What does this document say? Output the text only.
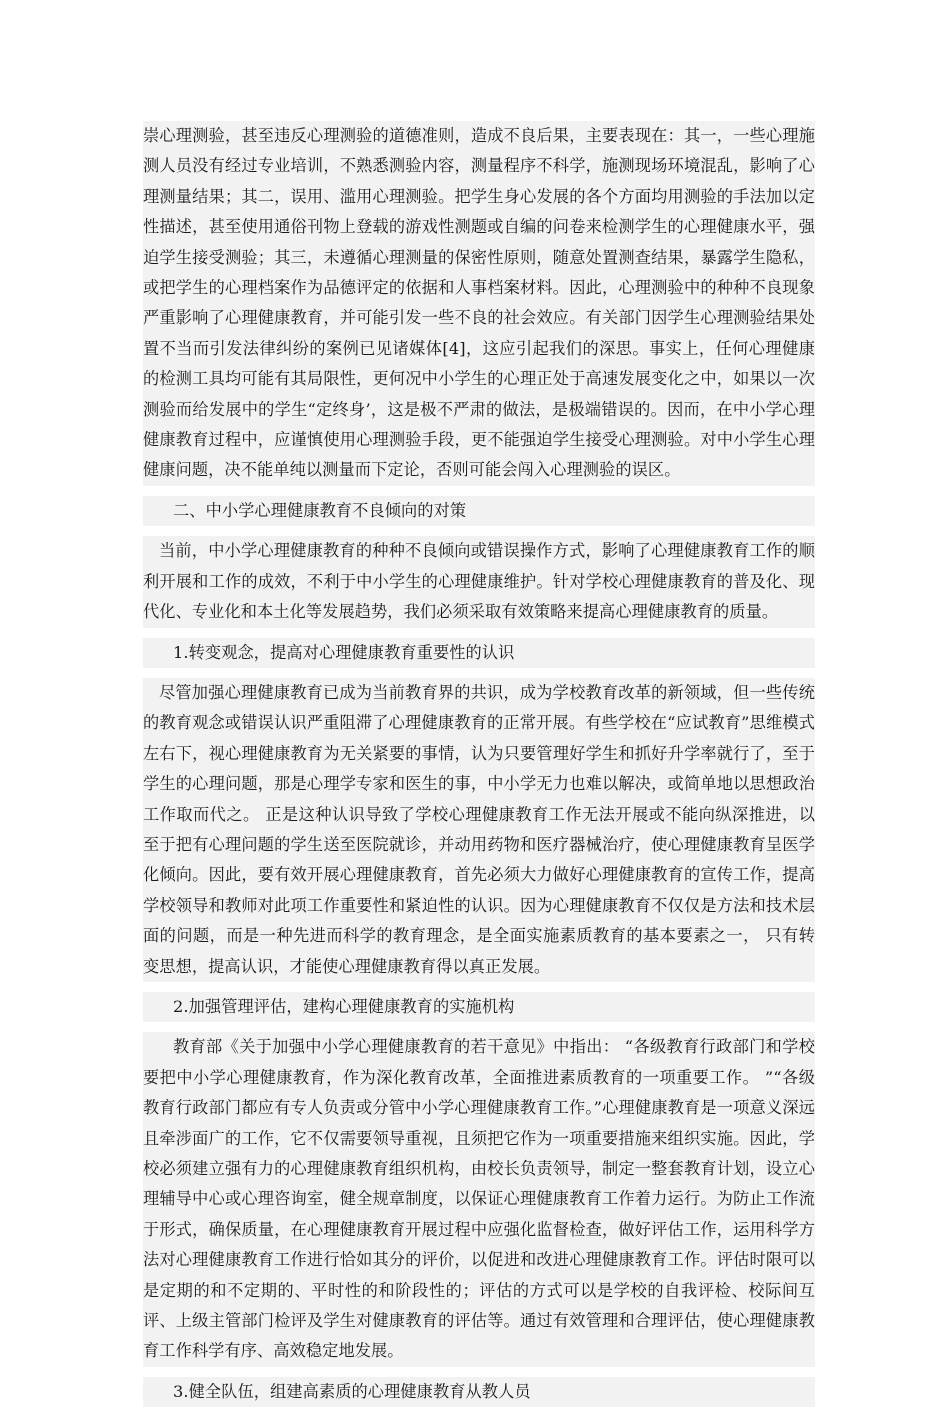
崇心理测验，甚至违反心理测验的道德准则，造成不良后果，主要表现在：其一，一些心理施测人员没有经过专业培训，不熟悉测验内容，测量程序不科学，施测现场环境混乱，影响了心理测量结果；其二，误用、滥用心理测验。把学生身心发展的各个方面均用测验的手法加以定性描述，甚至使用通俗刊物上登载的游戏性测题或自编的问卷来检测学生的心理健康水平，强迫学生接受测验；其三，未遵循心理测量的保密性原则，随意处置测查结果，暴露学生隐私，或把学生的心理档案作为品德评定的依据和人事档案材料。因此，心理测验中的种种不良现象严重影响了心理健康教育，并可能引发一些不良的社会效应。有关部门因学生心理测验结果处置不当而引发法律纠纷的案例已见诸媒体[4]，这应引起我们的深思。事实上，任何心理健康的检测工具均可能有其局限性，更何况中小学生的心理正处于高速发展变化之中，如果以一次测验而给发展中的学生“定终身’，这是极不严肃的做法，是极端错误的。因而，在中小学心理健康教育过程中，应谨慎使用心理测验手段，更不能强迫学生接受心理测验。对中小学生心理健康问题，决不能单纯以测量而下定论，否则可能会闯入心理测验的误区。
二、中小学心理健康教育不良倾向的对策
当前，中小学心理健康教育的种种不良倾向或错误操作方式，影响了心理健康教育工作的顺利开展和工作的成效，不利于中小学生的心理健康维护。针对学校心理健康教育的普及化、现代化、专业化和本土化等发展趋势，我们必须采取有效策略来提高心理健康教育的质量。
1.转变观念，提高对心理健康教育重要性的认识
尽管加强心理健康教育已成为当前教育界的共识，成为学校教育改革的新领域，但一些传统的教育观念或错误认识严重阻滞了心理健康教育的正常开展。有些学校在“应试教育”思维模式左右下，视心理健康教育为无关紧要的事情，认为只要管理好学生和抓好升学率就行了，至于学生的心理问题，那是心理学专家和医生的事，中小学无力也难以解决，或简单地以思想政治工作取而代之。 正是这种认识导致了学校心理健康教育工作无法开展或不能向纵深推进，以至于把有心理问题的学生送至医院就诊，并动用药物和医疗器械治疗，使心理健康教育呈医学化倾向。因此，要有效开展心理健康教育，首先必须大力做好心理健康教育的宣传工作，提高学校领导和教师对此项工作重要性和紧迫性的认识。因为心理健康教育不仅仅是方法和技术层面的问题，而是一种先进而科学的教育理念，是全面实施素质教育的基本要素之一， 只有转变思想，提高认识，才能使心理健康教育得以真正发展。
2.加强管理评估，建构心理健康教育的实施机构
教育部《关于加强中小学心理健康教育的若干意见》中指出： “各级教育行政部门和学校要把中小学心理健康教育，作为深化教育改革，全面推进素质教育的一项重要工作。 ”“各级教育行政部门都应有专人负责或分管中小学心理健康教育工作。”心理健康教育是一项意义深远且牵涉面广的工作，它不仅需要领导重视，且须把它作为一项重要措施来组织实施。因此，学校必须建立强有力的心理健康教育组织机构，由校长负责领导，制定一整套教育计划，设立心理辅导中心或心理咨询室，健全规章制度，以保证心理健康教育工作着力运行。为防止工作流于形式，确保质量，在心理健康教育开展过程中应强化监督检查，做好评估工作，运用科学方法对心理健康教育工作进行恰如其分的评价，以促进和改进心理健康教育工作。评估时限可以是定期的和不定期的、平时性的和阶段性的；评估的方式可以是学校的自我评检、校际间互评、上级主管部门检评及学生对健康教育的评估等。通过有效管理和合理评估，使心理健康教育工作科学有序、高效稳定地发展。
3.健全队伍，组建高素质的心理健康教育从教人员
